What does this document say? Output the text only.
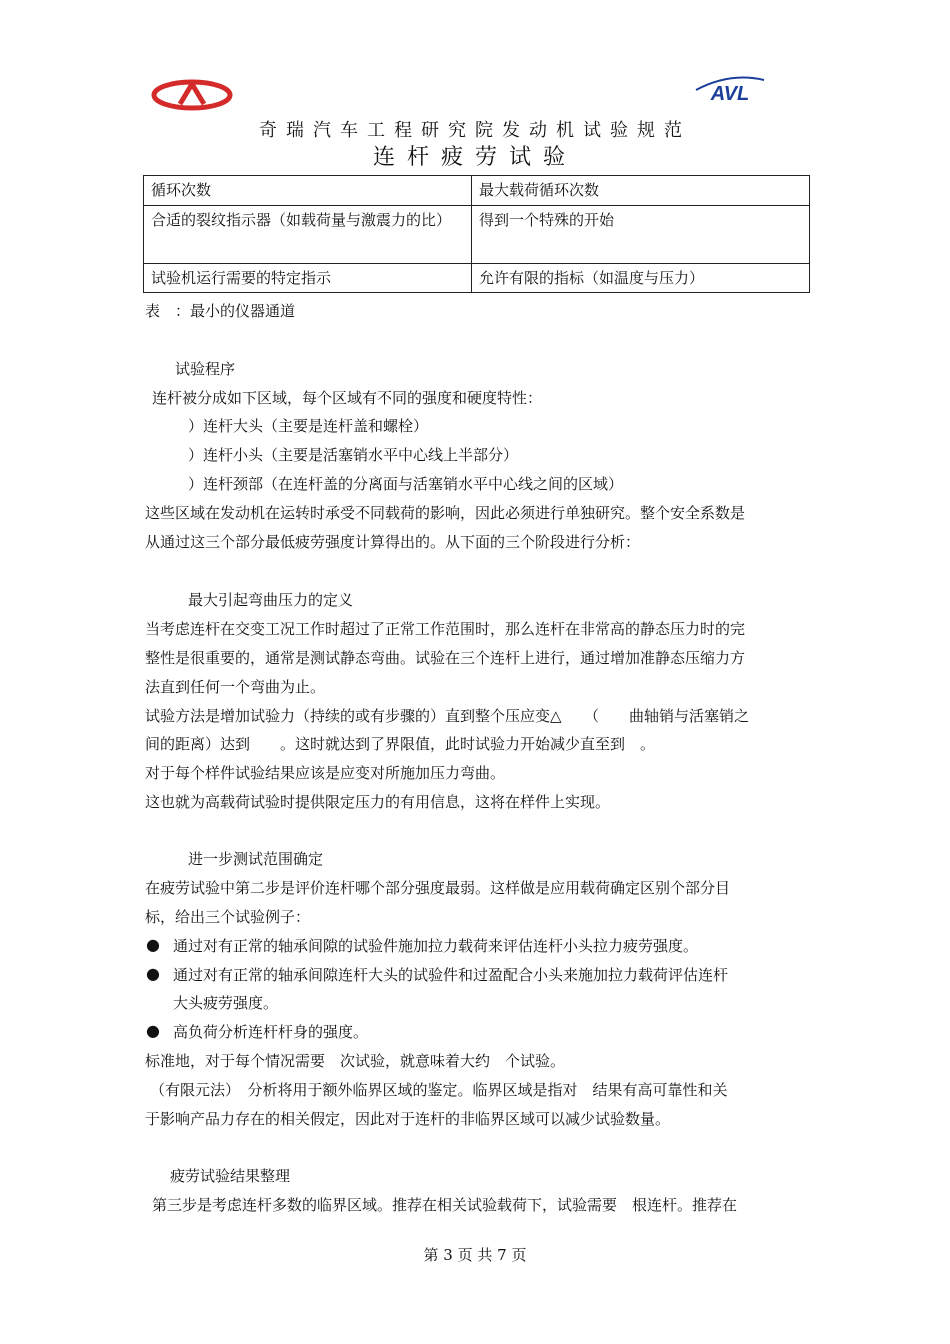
AVL
奇瑞汽车工程研究院发动机试验规范
连杆疲劳试验
循环次数	最大载荷循环次数
合适的裂纹指示器（如载荷量与激震力的比）	得到一个特殊的开始
试验机运行需要的特定指示	允许有限的指标（如温度与压力）
表　：最小的仪器通道
试验程序
连杆被分成如下区域，每个区域有不同的强度和硬度特性：
）连杆大头（主要是连杆盖和螺栓）
）连杆小头（主要是活塞销水平中心线上半部分）
）连杆颈部（在连杆盖的分离面与活塞销水平中心线之间的区域）
这些区域在发动机在运转时承受不同载荷的影响，因此必须进行单独研究。整个安全系数是
从通过这三个部分最低疲劳强度计算得出的。从下面的三个阶段进行分析：
最大引起弯曲压力的定义
当考虑连杆在交变工况工作时超过了正常工作范围时，那么连杆在非常高的静态压力时的完
整性是很重要的，通常是测试静态弯曲。试验在三个连杆上进行，通过增加准静态压缩力方
法直到任何一个弯曲为止。
试验方法是增加试验力（持续的或有步骤的）直到整个压应变△　　（　　曲轴销与活塞销之
间的距离）达到　　。这时就达到了界限值，此时试验力开始减少直至到　。
对于每个样件试验结果应该是应变对所施加压力弯曲。
这也就为高载荷试验时提供限定压力的有用信息，这将在样件上实现。
进一步测试范围确定
在疲劳试验中第二步是评价连杆哪个部分强度最弱。这样做是应用载荷确定区别个部分目
标，给出三个试验例子：
● 通过对有正常的轴承间隙的试验件施加拉力载荷来评估连杆小头拉力疲劳强度。
● 通过对有正常的轴承间隙连杆大头的试验件和过盈配合小头来施加拉力载荷评估连杆
大头疲劳强度。
● 高负荷分析连杆杆身的强度。
标准地，对于每个情况需要　次试验，就意味着大约　个试验。
（有限元法）　分析将用于额外临界区域的鉴定。临界区域是指对　结果有高可靠性和关
于影响产品力存在的相关假定，因此对于连杆的非临界区域可以减少试验数量。
疲劳试验结果整理
第三步是考虑连杆多数的临界区域。推荐在相关试验载荷下，试验需要　根连杆。推荐在
第 3 页 共 7 页
